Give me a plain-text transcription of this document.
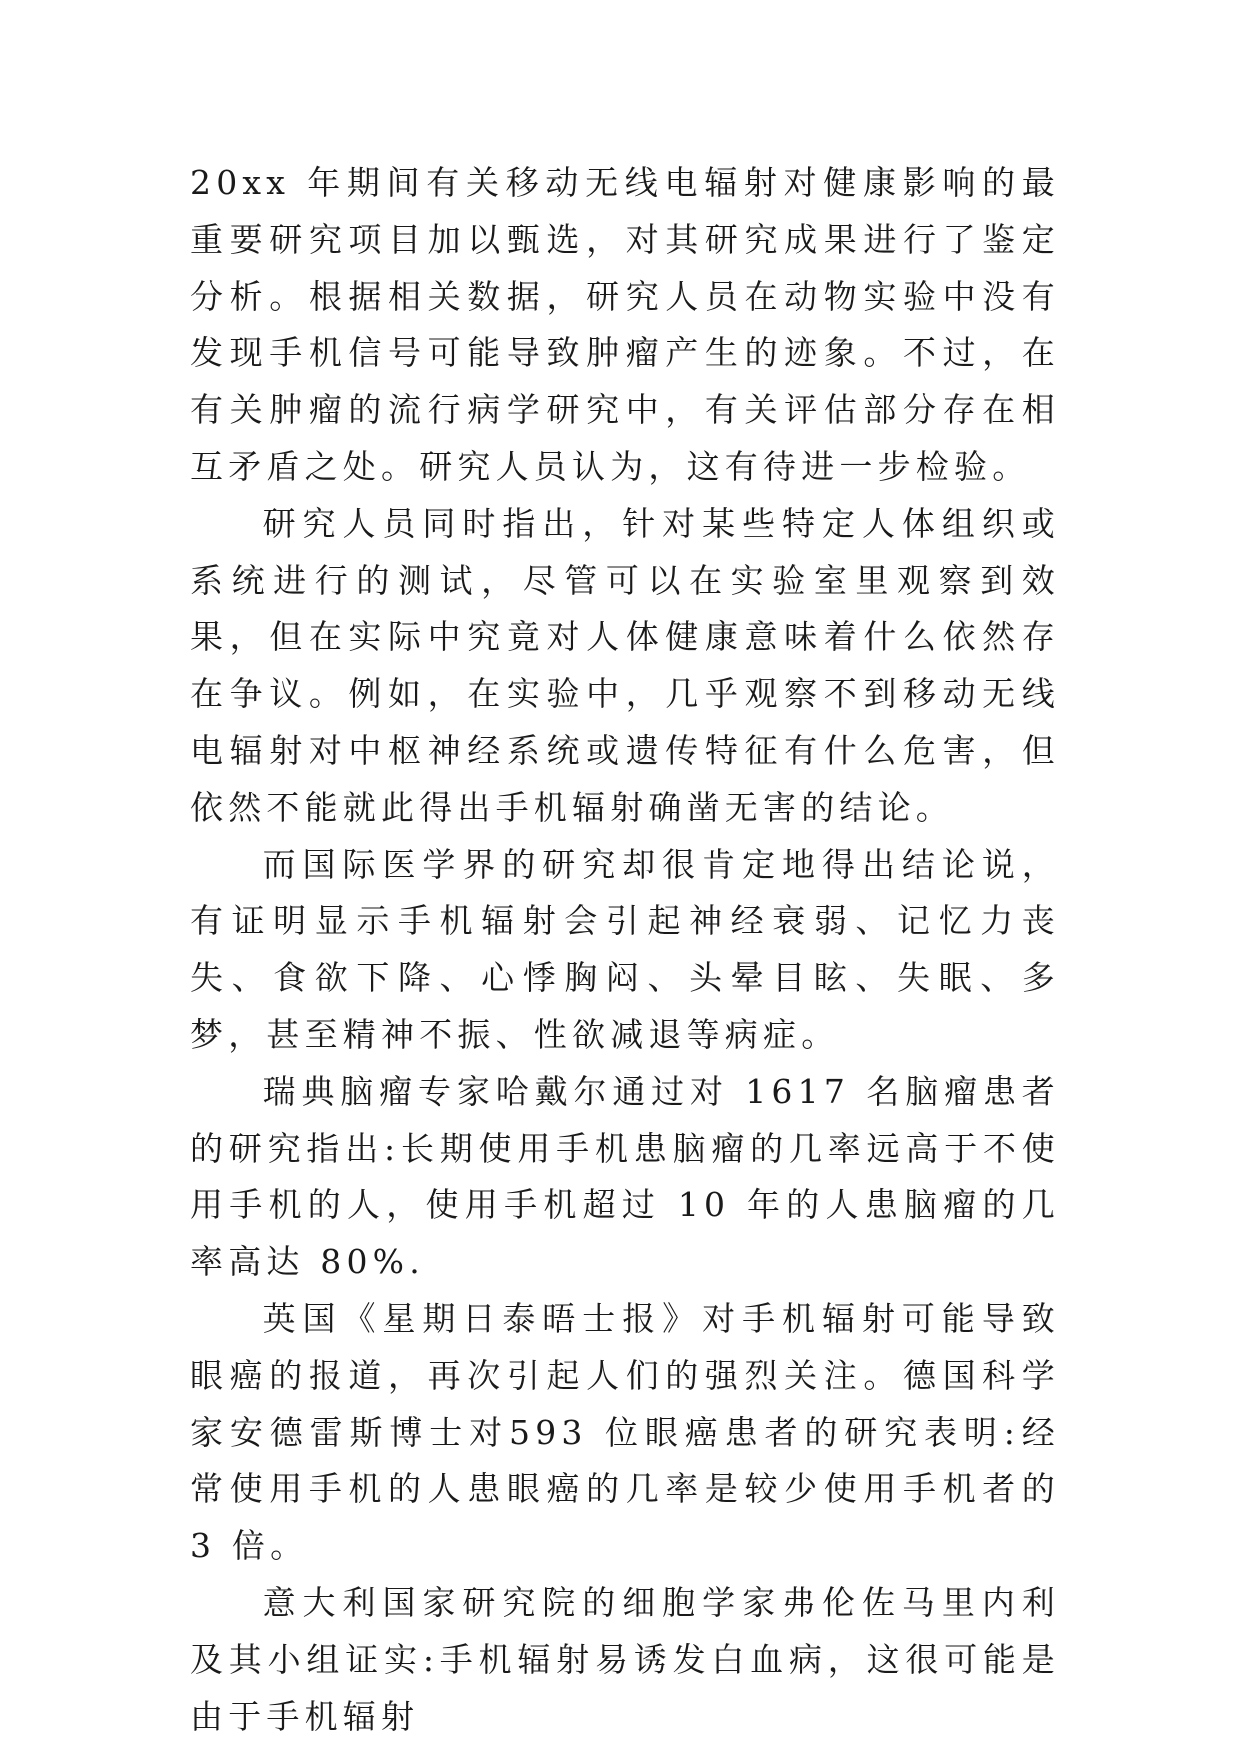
20xx 年期间有关移动无线电辐射对健康影响的最重要研究项目加以甄选，对其研究成果进行了鉴定分析。根据相关数据，研究人员在动物实验中没有发现手机信号可能导致肿瘤产生的迹象。不过，在有关肿瘤的流行病学研究中，有关评估部分存在相互矛盾之处。研究人员认为，这有待进一步检验。

研究人员同时指出，针对某些特定人体组织或系统进行的测试，尽管可以在实验室里观察到效果，但在实际中究竟对人体健康意味着什么依然存在争议。例如，在实验中，几乎观察不到移动无线电辐射对中枢神经系统或遗传特征有什么危害，但依然不能就此得出手机辐射确凿无害的结论。

而国际医学界的研究却很肯定地得出结论说，有证明显示手机辐射会引起神经衰弱、记忆力丧失、食欲下降、心悸胸闷、头晕目眩、失眠、多梦，甚至精神不振、性欲减退等病症。

瑞典脑瘤专家哈戴尔通过对 1617 名脑瘤患者的研究指出:长期使用手机患脑瘤的几率远高于不使用手机的人，使用手机超过 10 年的人患脑瘤的几率高达 80%.

英国《星期日泰晤士报》对手机辐射可能导致眼癌的报道，再次引起人们的强烈关注。德国科学家安德雷斯博士对593 位眼癌患者的研究表明:经常使用手机的人患眼癌的几率是较少使用手机者的 3 倍。

意大利国家研究院的细胞学家弗伦佐马里内利及其小组证实:手机辐射易诱发白血病，这很可能是由于手机辐射
